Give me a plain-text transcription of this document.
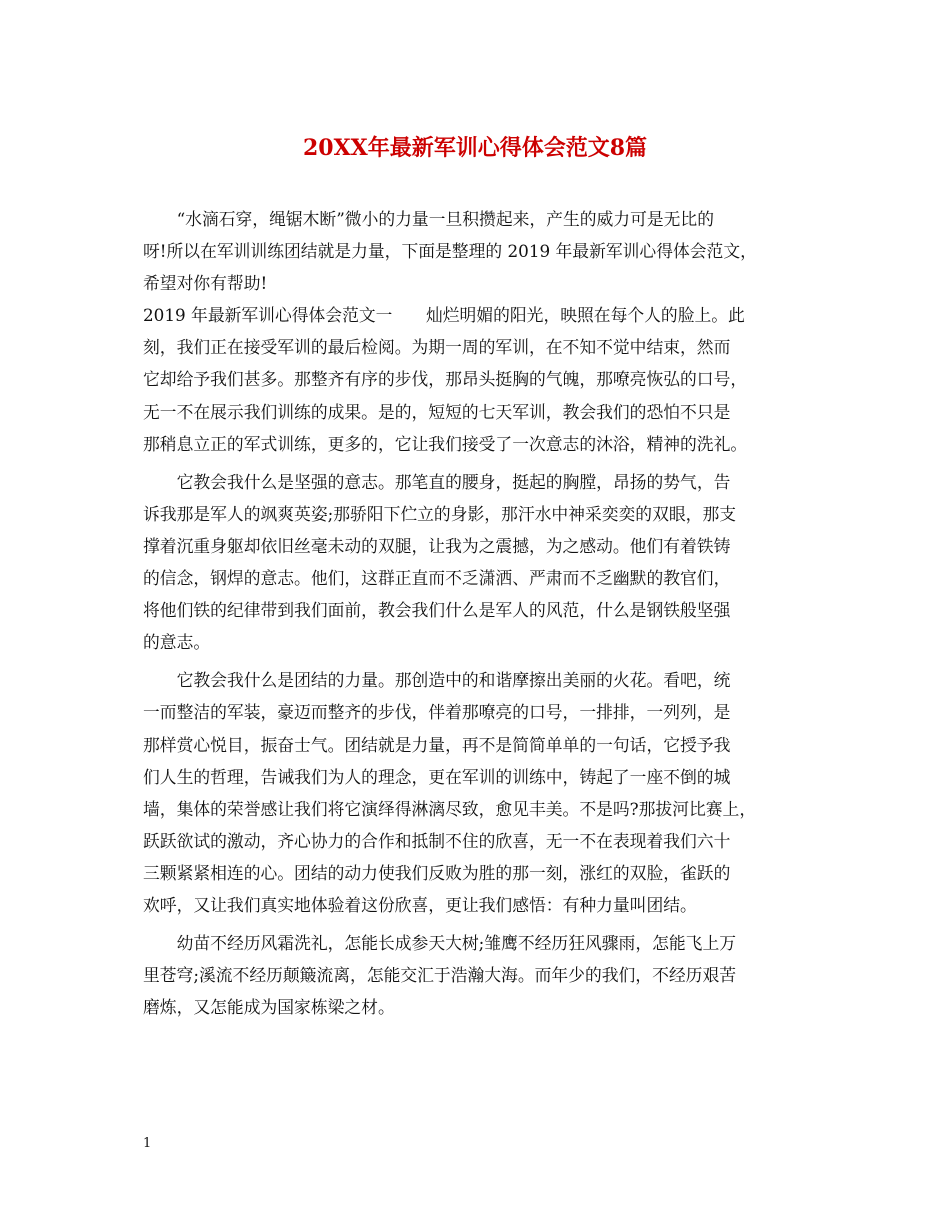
20XX年最新军训心得体会范文8篇
“水滴石穿，绳锯木断”微小的力量一旦积攒起来，产生的威力可是无比的
呀!所以在军训训练团结就是力量，下面是整理的 2019 年最新军训心得体会范文，
希望对你有帮助!
2019 年最新军训心得体会范文一　　灿烂明媚的阳光，映照在每个人的脸上。此
刻，我们正在接受军训的最后检阅。为期一周的军训，在不知不觉中结束，然而
它却给予我们甚多。那整齐有序的步伐，那昂头挺胸的气魄，那嘹亮恢弘的口号，
无一不在展示我们训练的成果。是的，短短的七天军训，教会我们的恐怕不只是
那稍息立正的军式训练，更多的，它让我们接受了一次意志的沐浴，精神的洗礼。
它教会我什么是坚强的意志。那笔直的腰身，挺起的胸膛，昂扬的势气，告
诉我那是军人的飒爽英姿;那骄阳下伫立的身影，那汗水中神采奕奕的双眼，那支
撑着沉重身躯却依旧丝毫未动的双腿，让我为之震撼，为之感动。他们有着铁铸
的信念，钢焊的意志。他们，这群正直而不乏潇洒、严肃而不乏幽默的教官们，
将他们铁的纪律带到我们面前，教会我们什么是军人的风范，什么是钢铁般坚强
的意志。
它教会我什么是团结的力量。那创造中的和谐摩擦出美丽的火花。看吧，统
一而整洁的军装，豪迈而整齐的步伐，伴着那嘹亮的口号，一排排，一列列，是
那样赏心悦目，振奋士气。团结就是力量，再不是简简单单的一句话，它授予我
们人生的哲理，告诫我们为人的理念，更在军训的训练中，铸起了一座不倒的城
墙，集体的荣誉感让我们将它演绎得淋漓尽致，愈见丰美。不是吗?那拔河比赛上，
跃跃欲试的激动，齐心协力的合作和抵制不住的欣喜，无一不在表现着我们六十
三颗紧紧相连的心。团结的动力使我们反败为胜的那一刻，涨红的双脸，雀跃的
欢呼，又让我们真实地体验着这份欣喜，更让我们感悟：有种力量叫团结。
幼苗不经历风霜洗礼，怎能长成参天大树;雏鹰不经历狂风骤雨，怎能飞上万
里苍穹;溪流不经历颠簸流离，怎能交汇于浩瀚大海。而年少的我们，不经历艰苦
磨炼，又怎能成为国家栋梁之材。
1
